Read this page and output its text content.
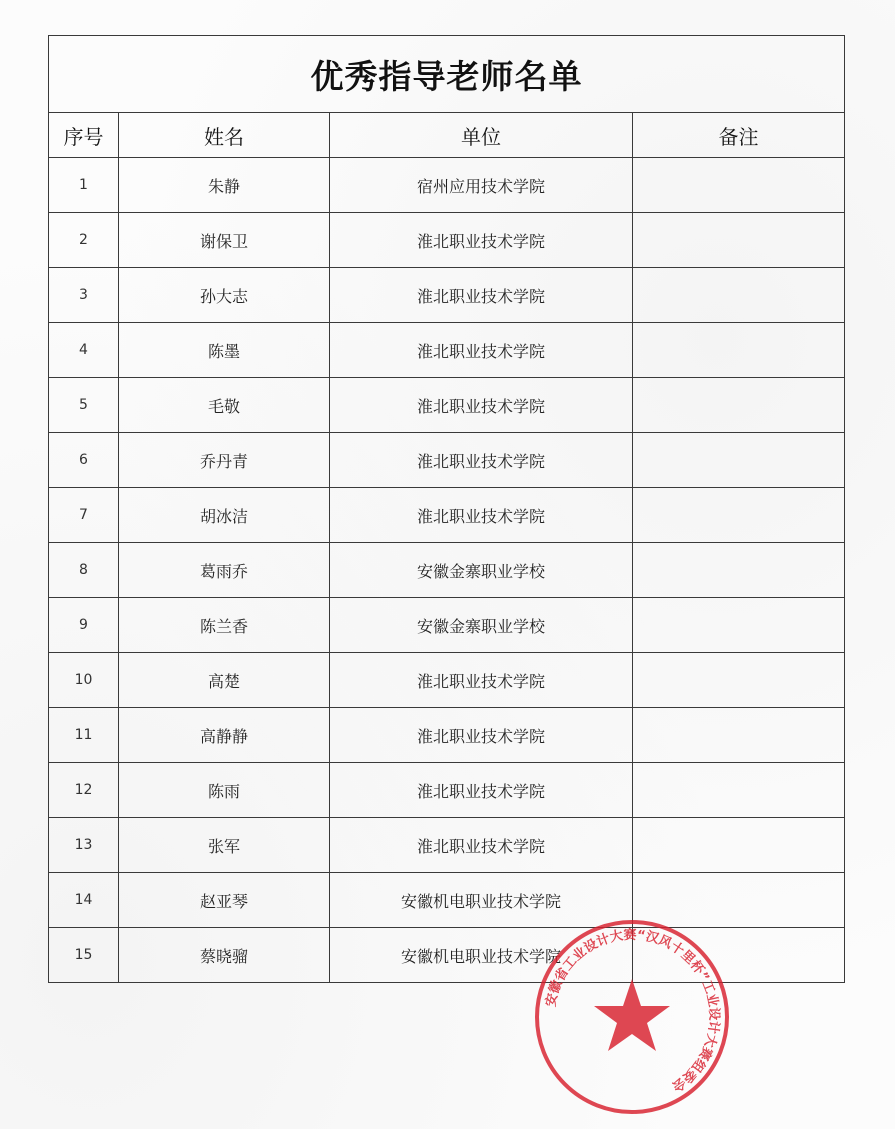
优秀指导老师名单			
序号	姓名	单位	备注
1	朱静	宿州应用技术学院	
2	谢保卫	淮北职业技术学院	
3	孙大志	淮北职业技术学院	
4	陈墨	淮北职业技术学院	
5	毛敬	淮北职业技术学院	
6	乔丹青	淮北职业技术学院	
7	胡冰洁	淮北职业技术学院	
8	葛雨乔	安徽金寨职业学校	
9	陈兰香	安徽金寨职业学校	
10	高楚	淮北职业技术学院	
11	高静静	淮北职业技术学院	
12	陈雨	淮北职业技术学院	
13	张军	淮北职业技术学院	
14	赵亚琴	安徽机电职业技术学院	
15	蔡晓骝	安徽机电职业技术学院	
安徽省工业设计大赛“汉风十里杯”工业设计大赛组委会
